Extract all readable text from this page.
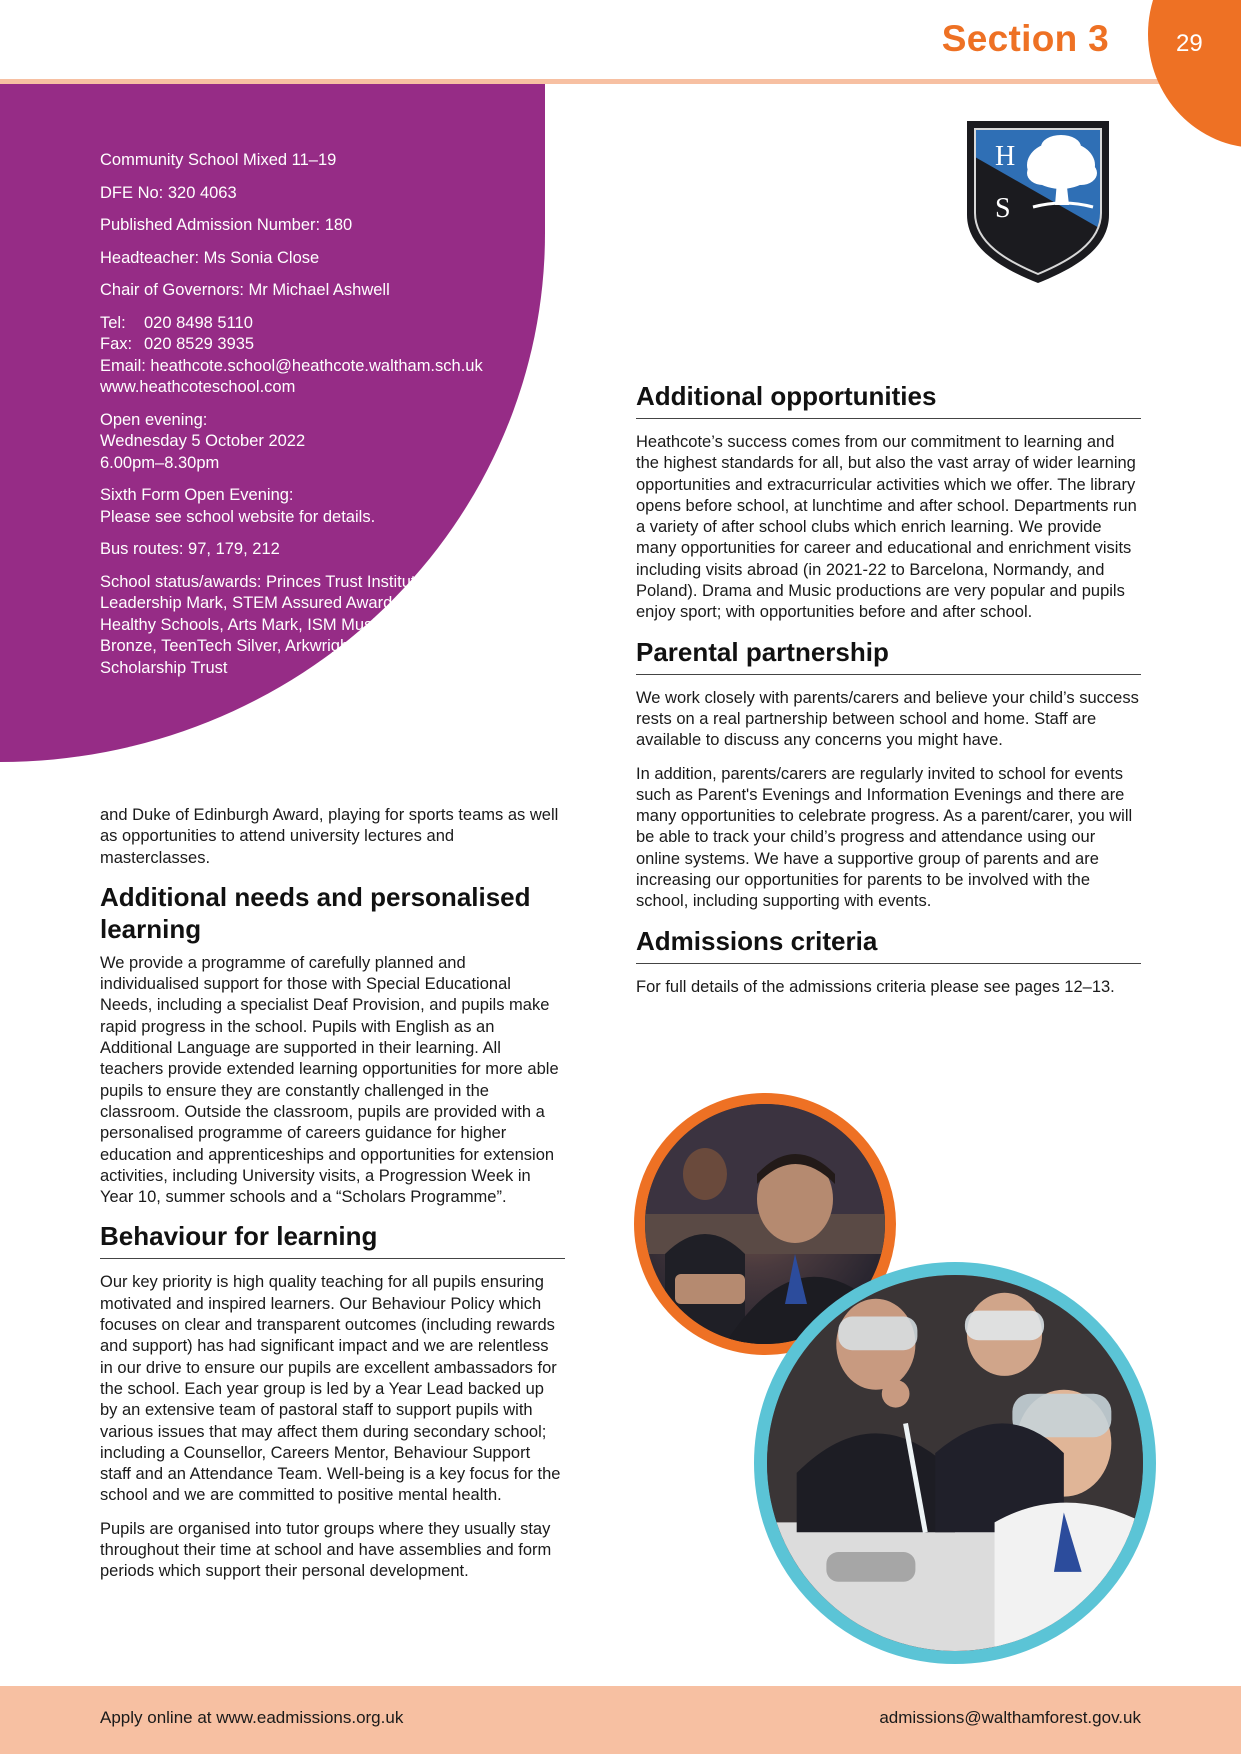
29
Section 3
Community School Mixed 11–19
DFE No: 320 4063
Published Admission Number: 180
Headteacher: Ms Sonia Close
Chair of Governors: Mr Michael Ashwell
Tel: 020 8498 5110
Fax: 020 8529 3935
Email: heathcote.school@heathcote.waltham.sch.uk
www.heathcoteschool.com
Open evening:
Wednesday 5 October 2022
6.00pm–8.30pm
Sixth Form Open Evening:
Please see school website for details.
Bus routes: 97, 179, 212
School status/awards: Princes Trust Institute
Leadership Mark, STEM Assured Award,
Healthy Schools, Arts Mark, ISM Music
Bronze, TeenTech Silver, Arkwright
Scholarship Trust
H
S

and Duke of Edinburgh Award, playing for sports teams as well as opportunities to attend university lectures and masterclasses.

Additional needs and personalised learning

We provide a programme of carefully planned and individualised support for those with Special Educational Needs, including a specialist Deaf Provision, and pupils make rapid progress in the school. Pupils with English as an Additional Language are supported in their learning. All teachers provide extended learning opportunities for more able pupils to ensure they are constantly challenged in the classroom. Outside the classroom, pupils are provided with a personalised programme of careers guidance for higher education and apprenticeships and opportunities for extension activities, including University visits, a Progression Week in Year 10, summer schools and a “Scholars Programme”.

Behaviour for learning

Our key priority is high quality teaching for all pupils ensuring motivated and inspired learners. Our Behaviour Policy which focuses on clear and transparent outcomes (including rewards and support) has had significant impact and we are relentless in our drive to ensure our pupils are excellent ambassadors for the school. Each year group is led by a Year Lead backed up by an extensive team of pastoral staff to support pupils with various issues that may affect them during secondary school; including a Counsellor, Careers Mentor, Behaviour Support staff and an Attendance Team. Well-being is a key focus for the school and we are committed to positive mental health.

Pupils are organised into tutor groups where they usually stay throughout their time at school and have assemblies and form periods which support their personal development.

Additional opportunities

Heathcote’s success comes from our commitment to learning and the highest standards for all, but also the vast array of wider learning opportunities and extracurricular activities which we offer. The library opens before school, at lunchtime and after school. Departments run a variety of after school clubs which enrich learning. We provide many opportunities for career and educational and enrichment visits including visits abroad (in 2021-22 to Barcelona, Normandy, and Poland). Drama and Music productions are very popular and pupils enjoy sport; with opportunities before and after school.

Parental partnership

We work closely with parents/carers and believe your child’s success rests on a real partnership between school and home. Staff are available to discuss any concerns you might have.

In addition, parents/carers are regularly invited to school for events such as Parent's Evenings and Information Evenings and there are many opportunities to celebrate progress. As a parent/carer, you will be able to track your child’s progress and attendance using our online systems. We have a supportive group of parents and are increasing our opportunities for parents to be involved with the school, including supporting with events.

Admissions criteria

For full details of the admissions criteria please see pages 12–13.

Apply online at www.eadmissions.org.uk	admissions@walthamforest.gov.uk
